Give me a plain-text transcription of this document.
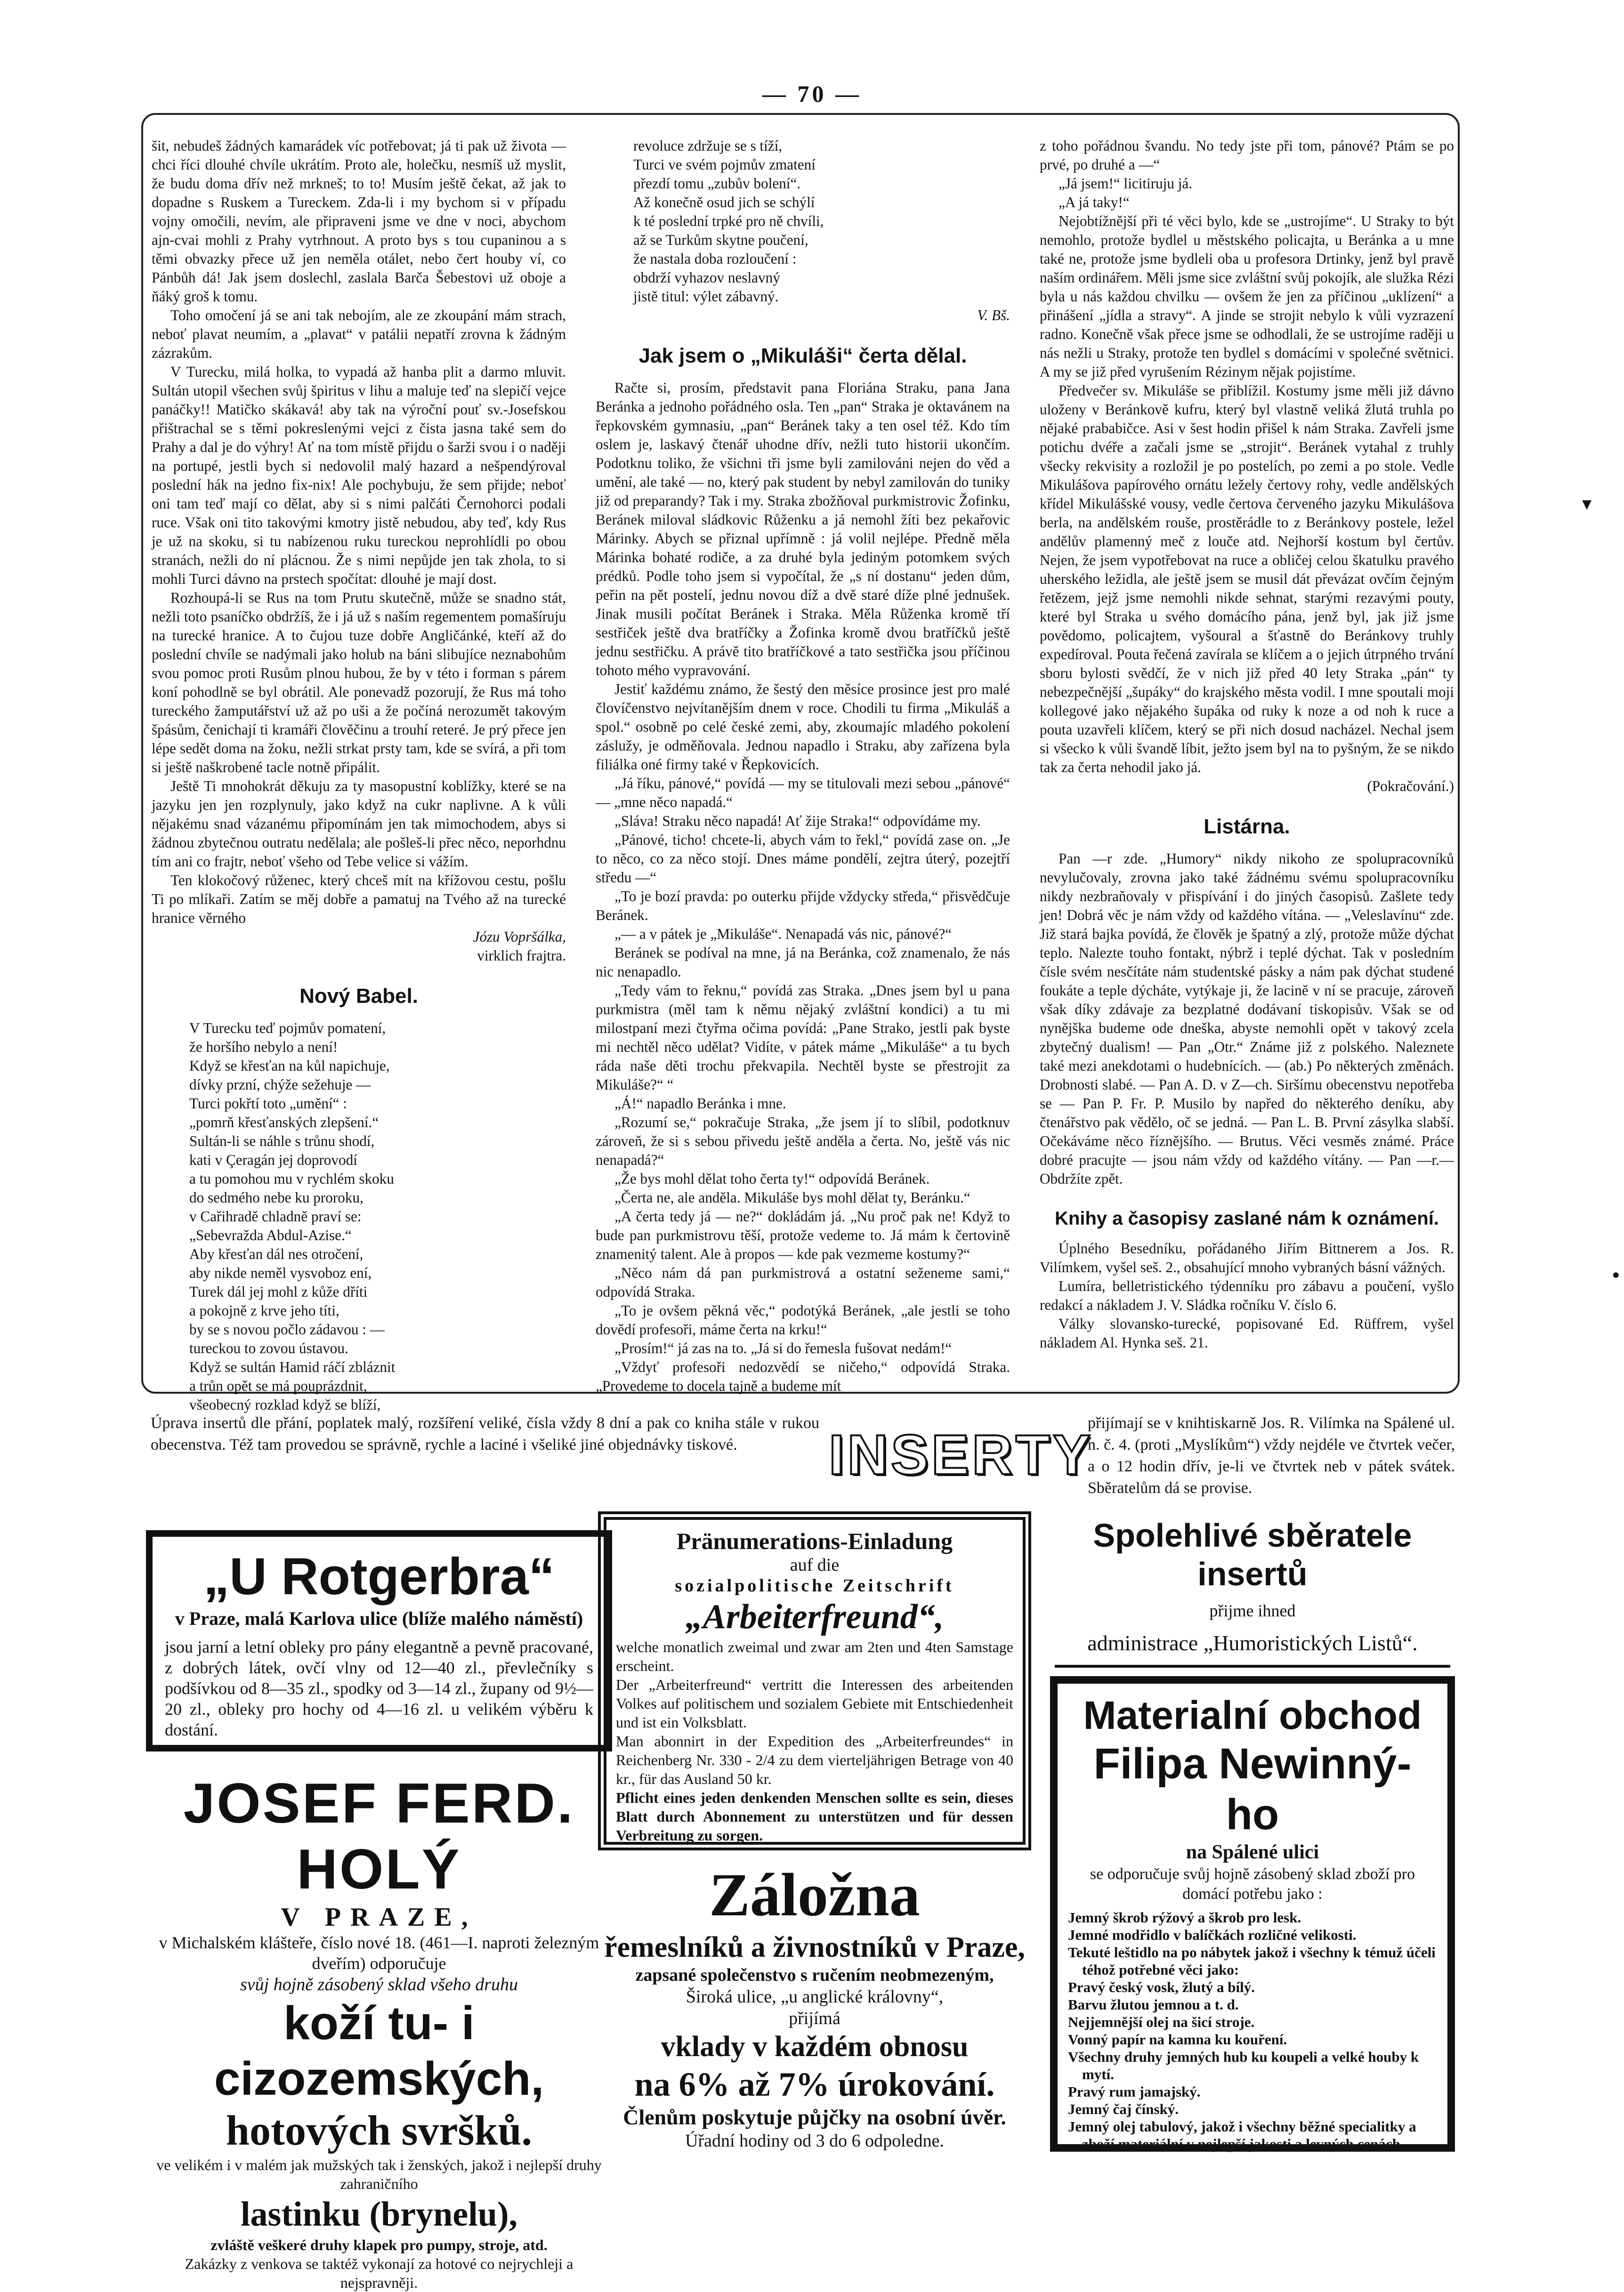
— 70 —

šit, nebudeš žádných kamarádek víc potřebovat; já ti pak už života — chci říci dlouhé chvíle ukrátím. Proto ale, holečku, nesmíš už myslit, že budu doma dřív než mrkneš; to to! Musím ještě čekat, až jak to dopadne s Ruskem a Tureckem. Zda-li i my bychom si v případu vojny omočili, nevím, ale připraveni jsme ve dne v noci, abychom ajn-cvai mohli z Prahy vytrhnout. A proto bys s tou cupaninou a s těmi obvazky přece už jen neměla otálet, nebo čert houby ví, co Pánbůh dá! Jak jsem doslechl, zaslala Barča Šebestovi už oboje a ňáký groš k tomu.

Toho omočení já se ani tak nebojím, ale ze zkoupání mám strach, neboť plavat neumím, a „plavat“ v patálii nepatří zrovna k žádným zázrakům.

V Turecku, milá holka, to vypadá až hanba plit a darmo mluvit. Sultán utopil všechen svůj špiritus v lihu a maluje teď na slepičí vejce panáčky!! Matičko skákavá! aby tak na výroční pouť sv.-Josefskou přištrachal se s těmi pokreslenými vejci z čista jasna také sem do Prahy a dal je do výhry! Ať na tom místě přijdu o šarži svou i o naději na portupé, jestli bych si nedovolil malý hazard a nešpendýroval poslední hák na jedno fix-nix! Ale pochybuju, že sem přijde; neboť oni tam teď mají co dělat, aby si s nimi palčáti Černohorci podali ruce. Však oni tito takovými kmotry jistě nebudou, aby teď, kdy Rus je už na skoku, si tu nabízenou ruku tureckou neprohlídli po obou stranách, nežli do ní plácnou. Že s nimi nepůjde jen tak zhola, to si mohli Turci dávno na prstech spočítat: dlouhé je mají dost.

Rozhoupá-li se Rus na tom Prutu skutečně, může se snadno stát, nežli toto psaníčko obdržíš, že i já už s naším regementem pomašíruju na turecké hranice. A to čujou tuze dobře Angličánké, kteří až do poslední chvíle se nadýmali jako holub na báni slibujíce neznabohům svou pomoc proti Rusům plnou hubou, že by v této i forman s párem koní pohodlně se byl obrátil. Ale ponevadž pozorují, že Rus má toho tureckého žamputářství už až po uši a že počíná nerozumět takovým špásům, čenichají ti kramáři člověčinu a trouhí reteré. Je prý přece jen lépe sedět doma na žoku, nežli strkat prsty tam, kde se svírá, a při tom si ještě naškrobené tacle notně připálit.

Ještě Ti mnohokrát děkuju za ty masopustní koblížky, které se na jazyku jen jen rozplynuly, jako když na cukr naplivne. A k vůli nějakému snad vázanému připomínám jen tak mimochodem, abys si žádnou zbytečnou outratu nedělala; ale pošleš-li přec něco, neporhdnu tím ani co frajtr, neboť všeho od Tebe velice si vážím.

Ten klokočový růženec, který chceš mít na křížovou cestu, pošlu Ti po mlíkaři. Zatím se měj dobře a pamatuj na Tvého až na turecké hranice věrného

Józu Vopršálka,

virklich frajtra.

Nový Babel.

V Turecku teď pojmův pomatení,

že horšího nebylo a není!

Když se křesťan na kůl napichuje,

dívky przní, chýže sežehuje —

Turci pokřtí toto „umění“ :

„pomrň křesťanských zlepšení.“

Sultán-li se náhle s trůnu shodí,

kati v Çeragán jej doprovodí

a tu pomohou mu v rychlém skoku

do sedmého nebe ku proroku,

v Cařihradě chladně praví se:

„Sebevražda Abdul-Azise.“

Aby křesťan dál nes otročení,

aby nikde neměl vysvoboz ení,

Turek dál jej mohl z kůže dříti

a pokojně z krve jeho títi,

by se s novou počlo zádavou : —

tureckou to zovou ústavou.

Když se sultán Hamid ráčí zbláznit

a trůn opět se má pouprázdnit,

všeobecný rozklad když se blíží,

revoluce zdržuje se s tíží,

Turci ve svém pojmův zmatení

přezdí tomu „zubův bolení“.

Až konečně osud jich se schýlí

k té poslední trpké pro ně chvíli,

až se Turkům skytne poučení,

že nastala doba rozloučení :

obdrží vyhazov neslavný

jistě titul: výlet zábavný.

V. Bš.

Jak jsem o „Mikuláši“ čerta dělal.

Račte si, prosím, představit pana Floriána Straku, pana Jana Beránka a jednoho pořádného osla. Ten „pan“ Straka je oktavánem na řepkovském gymnasiu, „pan“ Beránek taky a ten osel též. Kdo tím oslem je, laskavý čtenář uhodne dřív, nežli tuto historii ukončím. Podotknu toliko, že všichni tři jsme byli zamilováni nejen do věd a umění, ale také — no, který pak student by nebyl zamilován do tuniky již od preparandy? Tak i my. Straka zbožňoval purkmistrovic Žofinku, Beránek miloval sládkovic Růženku a já nemohl žíti bez pekařovic Márinky. Abych se přiznal upřímně : já volil nejlépe. Předně měla Márinka bohaté rodiče, a za druhé byla jediným potomkem svých prédků. Podle toho jsem si vypočítal, že „s ní dostanu“ jeden dům, peřin na pět postelí, jednu novou díž a dvě staré díže plné jednušek. Jinak musili počítat Beránek i Straka. Měla Růženka kromě tří sestřiček ještě dva bratříčky a Žofinka kromě dvou bratříčků ještě jednu sestřičku. A právě tito bratříčkové a tato sestřička jsou příčinou tohoto mého vypravování.

Jestiť každému známo, že šestý den měsíce prosince jest pro malé človíčenstvo nejvítanějším dnem v roce. Chodili tu firma „Mikuláš a spol.“ osobně po celé české zemi, aby, zkoumajíc mladého pokolení záslužy, je odměňovala. Jednou napadlo i Straku, aby zařízena byla filiálka oné firmy také v Řepkovicích.

„Já říku, pánové,“ povídá — my se titulovali mezi sebou „pánové“ — „mne něco napadá.“

„Sláva! Straku něco napadá! Ať žije Straka!“ odpovídáme my.

„Pánové, ticho! chcete-li, abych vám to řekl,“ povídá zase on. „Je to něco, co za něco stojí. Dnes máme pondělí, zejtra úterý, pozejtří středu —“

„To je bozí pravda: po outerku přijde vždycky středa,“ přisvědčuje Beránek.

„— a v pátek je „Mikuláše“. Nenapadá vás nic, pánové?“

Beránek se podíval na mne, já na Beránka, což znamenalo, že nás nic nenapadlo.

„Tedy vám to řeknu,“ povídá zas Straka. „Dnes jsem byl u pana purkmistra (měl tam k němu nějaký zvláštní kondici) a tu mi milostpaní mezi čtyřma očima povídá: „Pane Strako, jestli pak byste mi nechtěl něco udělat? Vidíte, v pátek máme „Mikuláše“ a tu bych ráda naše děti trochu překvapila. Nechtěl byste se přestrojit za Mikuláše?“ “

„Á!“ napadlo Beránka i mne.

„Rozumí se,“ pokračuje Straka, „že jsem jí to slíbil, podotknuv zároveň, že si s sebou přivedu ještě anděla a čerta. No, ještě vás nic nenapadá?“

„Že bys mohl dělat toho čerta ty!“ odpovídá Beránek.

„Čerta ne, ale anděla. Mikuláše bys mohl dělat ty, Beránku.“

„A čerta tedy já — ne?“ dokládám já. „Nu proč pak ne! Když to bude pan purkmistrovu těší, protože vedeme to. Já mám k čertovině znamenitý talent. Ale à propos — kde pak vezmeme kostumy?“

„Něco nám dá pan purkmistrová a ostatní seženeme sami,“ odpovídá Straka.

„To je ovšem pěkná věc,“ podotýká Beránek, „ale jestli se toho dovědí profesoři, máme čerta na krku!“

„Prosím!“ já zas na to. „Já si do řemesla fušovat nedám!“

„Vždyť profesoři nedozvědí se ničeho,“ odpovídá Straka. „Provedeme to docela tajně a budeme mít

z toho pořádnou švandu. No tedy jste při tom, pánové? Ptám se po prvé, po druhé a —“

„Já jsem!“ licitiruju já.

„A já taky!“

Nejobtížnější při té věci bylo, kde se „ustrojíme“. U Straky to být nemohlo, protože bydlel u městského policajta, u Beránka a u mne také ne, protože jsme bydleli oba u profesora Drtinky, jenž byl pravě naším ordinářem. Měli jsme sice zvláštní svůj pokojík, ale služka Rézi byla u nás každou chvilku — ovšem že jen za příčinou „uklízení“ a přinášení „jídla a stravy“. A jinde se strojit nebylo k vůli vyzrazení radno. Konečně však přece jsme se odhodlali, že se ustrojíme raději u nás nežli u Straky, protože ten bydlel s domácími v společné světnici. A my se již před vyrušením Rézinym nějak pojistíme.

Předvečer sv. Mikuláše se přiblížil. Kostumy jsme měli již dávno uloženy v Beránkově kufru, který byl vlastně veliká žlutá truhla po nějaké prababičce. Asi v šest hodin přišel k nám Straka. Zavřeli jsme potichu dvéře a začali jsme se „strojit“. Beránek vytahal z truhly všecky rekvisity a rozložil je po postelích, po zemi a po stole. Vedle Mikulášova papírového ornátu ležely čertovy rohy, vedle andělských křídel Mikulášské vousy, vedle čertova červeného jazyku Mikulášova berla, na andělském rouše, prostěrádle to z Beránkovy postele, ležel andělův plamenný meč z louče atd. Nejhorší kostum byl čertův. Nejen, že jsem vypotřebovat na ruce a obličej celou škatulku pravého uherského ležidla, ale ještě jsem se musil dát převázat ovčím čejným řetězem, jejž jsme nemohli nikde sehnat, starými rezavými pouty, které byl Straka u svého domácího pána, jenž byl, jak již jsme povědomo, policajtem, vyšoural a šťastně do Beránkovy truhly expedíroval. Pouta řečená zavírala se klíčem a o jejich útrpného trvání sboru bylosti svědčí, že v nich již před 40 lety Straka „pán“ ty nebezpečnější „šupáky“ do krajského města vodil. I mne spoutali moji kollegové jako nějakého šupáka od ruky k noze a od noh k ruce a pouta uzavřeli klíčem, který se při nich dosud nacházel. Nechal jsem si všecko k vůli švandě líbit, ježto jsem byl na to pyšným, že se nikdo tak za čerta nehodil jako já.

(Pokračování.)

Listárna.

Pan —r zde. „Humory“ nikdy nikoho ze spolupracovníků nevylučovaly, zrovna jako také žádnému svému spolupracovníku nikdy nezbraňovaly v přispívání i do jiných časopisů. Zašlete tedy jen! Dobrá věc je nám vždy od každého vítána. — „Veleslavínu“ zde. Již stará bajka povídá, že člověk je špatný a zlý, protože může dýchat teplo. Nalezte touho fontakt, nýbrž i teplé dýchat. Tak v posledním čísle svém nesčítáte nám studentské pásky a nám pak dýchat studené foukáte a teple dýcháte, vytýkaje ji, že lacině v ní se pracuje, zároveň však díky zdávaje za bezplatné dodávaní tiskopisův. Však se od nynějška budeme ode dneška, abyste nemohli opět v takový zcela zbytečný dualism! — Pan „Otr.“ Známe již z polského. Naleznete také mezi anekdotami o hudebnících. — (ab.) Po některých změnách. Drobnosti slabé. — Pan A. D. v Z—ch. Siršímu obecenstvu nepotřeba se — Pan P. Fr. P. Musilo by napřed do některého deníku, aby čtenářstvo pak vědělo, oč se jedná. — Pan L. B. První zásylka slabší. Očekáváme něco říznějšího. — Brutus. Věci vesměs známé. Práce dobré pracujte — jsou nám vždy od každého vítány. — Pan —r.— Obdržíte zpět.

Knihy a časopisy zaslané nám k oznámení.

Úplného Besedníku, pořádaného Jiřím Bittnerem a Jos. R. Vilímkem, vyšel seš. 2., obsahující mnoho vybraných básní vážných.

Lumíra, belletristického týdenníku pro zábavu a poučení, vyšlo redakcí a nákladem J. V. Sládka ročníku V. číslo 6.

Války slovansko-turecké, popisované Ed. Rüffrem, vyšel nákladem Al. Hynka seš. 21.

Úprava insertů dle přání, poplatek malý, rozšíření veliké, čísla vždy 8 dní a pak co kniha stále v rukou obecenstva. Též tam provedou se správně, rychle a laciné i všeliké jiné objednávky tiskové.	INSERTY
přijímají se v knihtiskarně Jos. R. Vilímka na Spálené ul. n. č. 4. (proti „Myslíkům“) vždy nejdéle ve čtvrtek večer, a o 12 hodin dřív, je-li ve čtvrtek neb v pátek svátek. Sběratelům dá se provise.

„U Rotgerbra“

v Praze, malá Karlova ulice (blíže malého náměstí)

jsou jarní a letní obleky pro pány elegantně a pevně pracované, z dobrých látek, ovčí vlny od 12—40 zl., převlečníky s podšívkou od 8—35 zl., spodky od 3—14 zl., župany od 9½—20 zl., obleky pro hochy od 4—16 zl. u velikém výběru k dostání.

JOSEF FERD. HOLÝ

V PRAZE,

v Michalském klášteře, číslo nové 18. (461—I. naproti železným dveřím) odporučuje

svůj hojně zásobený sklad všeho druhu

koží tu- i cizozemských,

hotových svršků.

ve velikém i v malém jak mužských tak i ženských, jakož i nejlepší druhy zahraničního

lastinku (brynelu),

zvláště veškeré druhy klapek pro pumpy, stroje, atd.

Zakázky z venkova se taktéž vykonají za hotové co nejrychleji a nejspravněji.

Pränumerations-Einladung

auf die

sozialpolitische Zeitschrift

„Arbeiterfreund“,

welche monatlich zweimal und zwar am 2ten und 4ten Samstage erscheint.

Der „Arbeiterfreund“ vertritt die Interessen des arbeitenden Volkes auf politischem und sozialem Gebiete mit Entschiedenheit und ist ein Volksblatt.

Man abonnirt in der Expedition des „Arbeiterfreundes“ in Reichenberg Nr. 330 - 2/4 zu dem vierteljährigen Betrage von 40 kr., für das Ausland 50 kr.

Pflicht eines jeden denkenden Menschen sollte es sein, dieses Blatt durch Abonnement zu unterstützen und für dessen Verbreitung zu sorgen.

Záložna

řemeslníků a živnostníků v Praze,

zapsané společenstvo s ručením neobmezeným,

Široká ulice, „u anglické královny“,

přijímá

vklady v každém obnosu

na 6% až 7% úrokování.

Členům poskytuje půjčky na osobní úvěr.

Úřadní hodiny od 3 do 6 odpoledne.

Spolehlivé sběratele insertů

přijme ihned

administrace „Humoristických Listů“.

Materialní obchod

Filipa Newinný-ho

na Spálené ulici

se odporučuje svůj hojně zásobený sklad zboží pro domácí potřebu jako :

Jemný škrob rýžový a škrob pro lesk.

Jemné modřidlo v balíčkách rozličné velikosti.

Tekuté leštidlo na po nábytek jakož i všechny k témuž účeli téhož potřebné věci jako:

Pravý český vosk, žlutý a bílý.

Barvu žlutou jemnou a t. d.

Nejjemnější olej na šicí stroje.

Vonný papír na kamna ku kouření.

Všechny druhy jemných hub ku koupeli a velké houby k mytí.

Pravý rum jamajský.

Jemný čaj čínský.

Jemný olej tabulový, jakož i všechny běžné specialitky a zboží materiální v nejlepší jakosti a levných cenách.

▾
•
